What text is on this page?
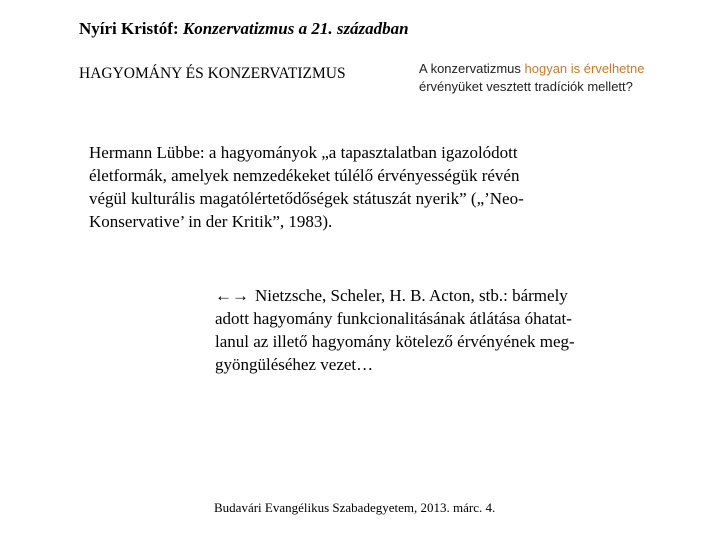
Nyíri Kristóf: Konzervatizmus a 21. században
HAGYOMÁNY ÉS KONZERVATIZMUS	A konzervatizmus hogyan is érvelhetne
érvényüket vesztett tradíciók mellett?
Hermann Lübbe: a hagyományok „a tapasztalatban igazolódott
életformák, amelyek nemzedékeket túlélő érvényességük révén
végül kulturális magatólértetődőségek státuszát nyerik” („’Neo-
Konservative’ in der Kritik”, 1983).
←→ Nietzsche, Scheler, H. B. Acton, stb.: bármely
adott hagyomány funkcionalitásának átlátása óhatat-
lanul az illető hagyomány kötelező érvényének meg-
gyöngüléséhez vezet…
Budavári Evangélikus Szabadegyetem, 2013. márc. 4.
